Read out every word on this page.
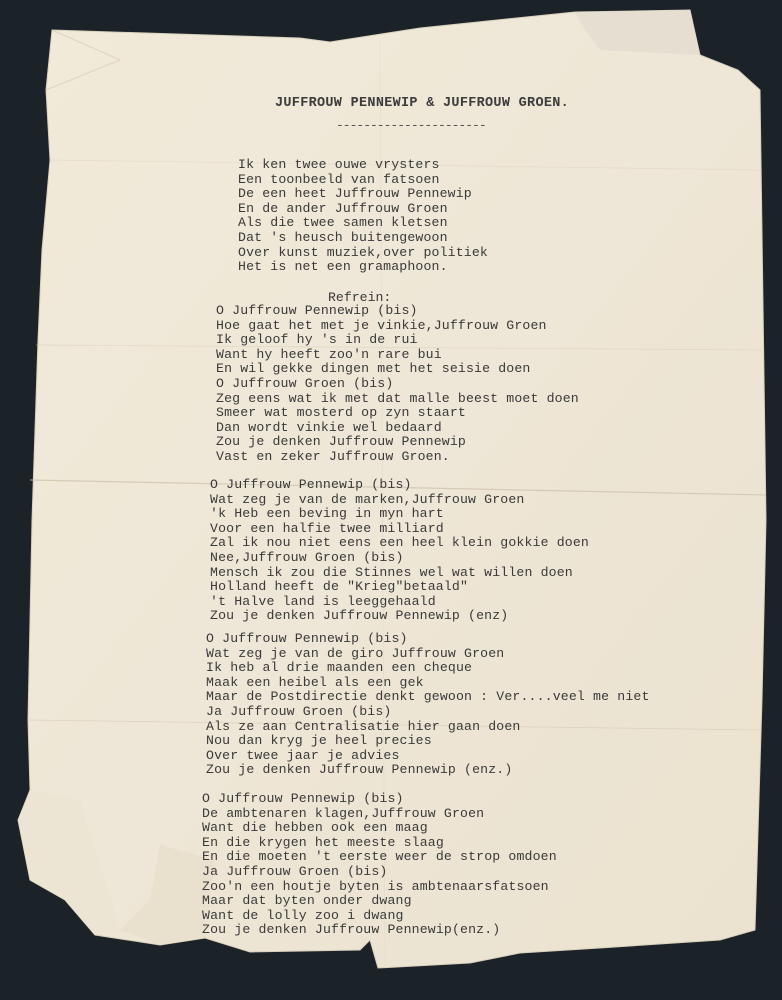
JUFFROUW PENNEWIP & JUFFROUW GROEN.
----------------------
Ik ken twee ouwe vrysters
Een toonbeeld van fatsoen
De een heet Juffrouw Pennewip
En de ander Juffrouw Groen
Als die twee samen kletsen
Dat 's heusch buitengewoon
Over kunst muziek,over politiek
Het is net een gramaphoon.
Refrein:
O Juffrouw Pennewip (bis)
Hoe gaat het met je vinkie,Juffrouw Groen
Ik geloof hy 's in de rui
Want hy heeft zoo'n rare bui
En wil gekke dingen met het seisie doen
O Juffrouw Groen (bis)
Zeg eens wat ik met dat malle beest moet doen
Smeer wat mosterd op zyn staart
Dan wordt vinkie wel bedaard
Zou je denken Juffrouw Pennewip
Vast en zeker Juffrouw Groen.
O Juffrouw Pennewip (bis)
Wat zeg je van de marken,Juffrouw Groen
'k Heb een beving in myn hart
Voor een halfie twee milliard
Zal ik nou niet eens een heel klein gokkie doen
Nee,Juffrouw Groen (bis)
Mensch ik zou die Stinnes wel wat willen doen
Holland heeft de "Krieg"betaald"
't Halve land is leeggehaald
Zou je denken Juffrouw Pennewip (enz)
O Juffrouw Pennewip (bis)
Wat zeg je van de giro Juffrouw Groen
Ik heb al drie maanden een cheque
Maak een heibel als een gek
Maar de Postdirectie denkt gewoon : Ver....veel me niet
Ja Juffrouw Groen (bis)
Als ze aan Centralisatie hier gaan doen
Nou dan kryg je heel precies
Over twee jaar je advies
Zou je denken Juffrouw Pennewip (enz.)
O Juffrouw Pennewip (bis)
De ambtenaren klagen,Juffrouw Groen
Want die hebben ook een maag
En die krygen het meeste slaag
En die moeten 't eerste weer de strop omdoen
Ja Juffrouw Groen (bis)
Zoo'n een houtje byten is ambtenaarsfatsoen
Maar dat byten onder dwang
Want de lolly zoo i dwang
Zou je denken Juffrouw Pennewip(enz.)
